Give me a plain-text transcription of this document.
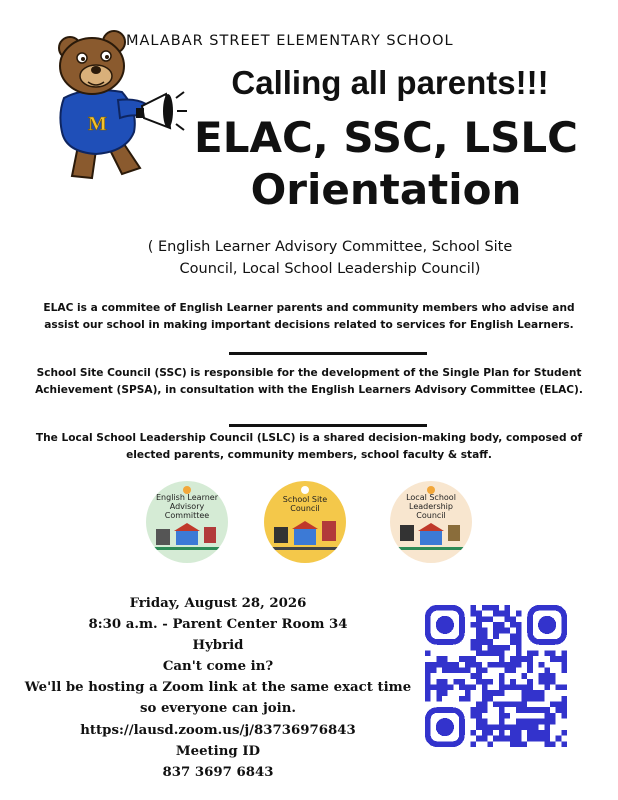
M
MALABAR STREET ELEMENTARY SCHOOL
Calling all parents!!!
ELAC, SSC, LSLC
Orientation
( English Learner Advisory Committee, School Site
Council, Local School Leadership Council)
ELAC is a commitee of English Learner parents and community members who advise and
assist our school in making important decisions related to services for English Learners.
School Site Council (SSC) is responsible for the development of the Single Plan for Student
Achievement (SPSA), in consultation with the English Learners Advisory Committee (ELAC).
The Local School Leadership Council (LSLC) is a shared decision-making body, composed of
elected parents, community members, school faculty & staff.
English Learner
Advisory
Committee
School Site
Council
Local School
Leadership
Council
Friday, August 28, 2026
8:30 a.m. - Parent Center Room 34
Hybrid
Can't come in?
We'll be hosting a Zoom link at the same exact time
so everyone can join.
https://lausd.zoom.us/j/83736976843
Meeting ID
837 3697 6843
